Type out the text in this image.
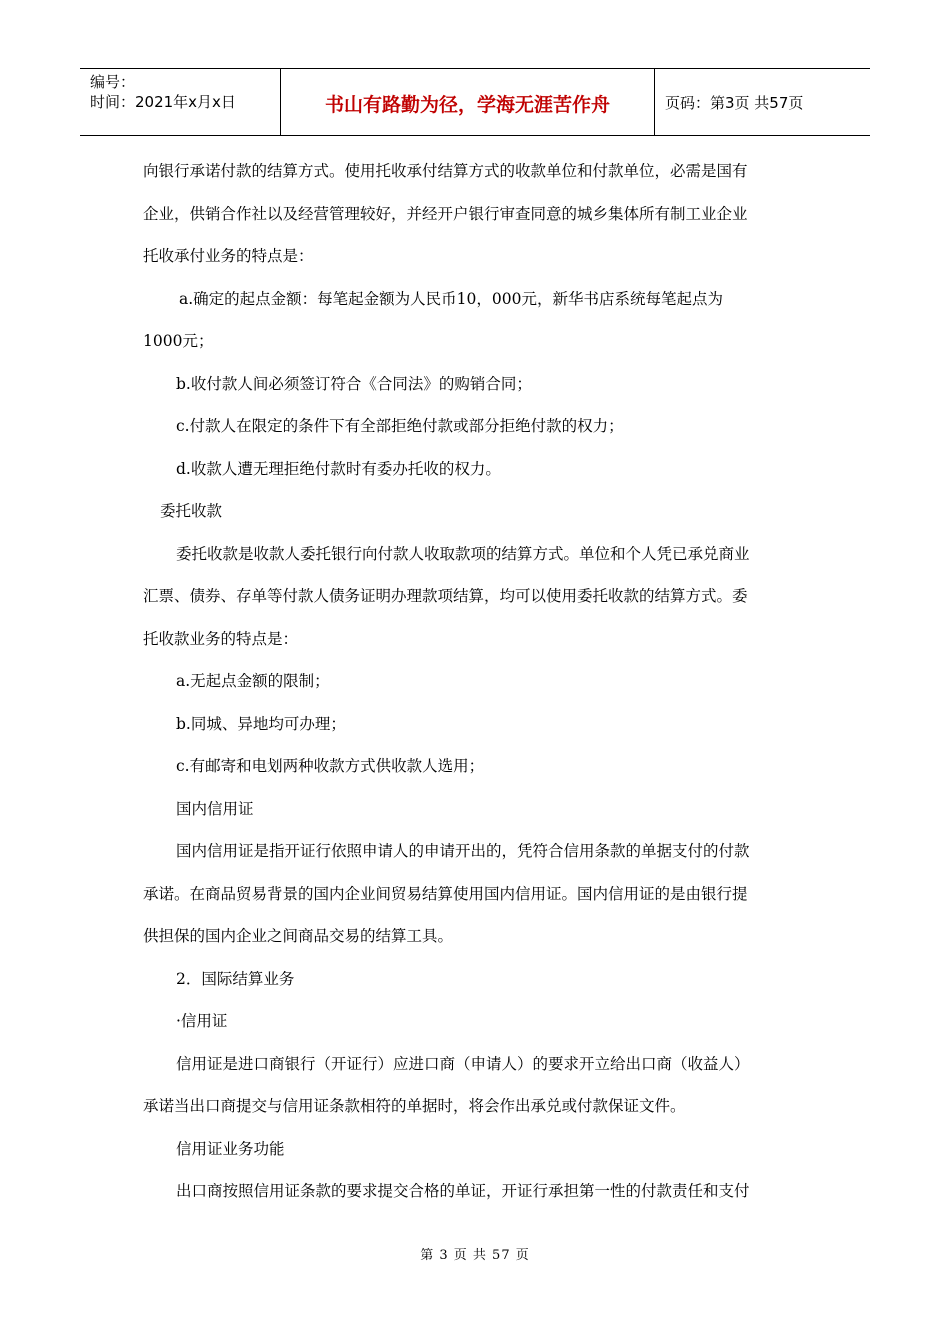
编号：
时间：2021年x月x日	书山有路勤为径，学海无涯苦作舟	页码：第3页 共57页

向银行承诺付款的结算方式。使用托收承付结算方式的收款单位和付款单位，必需是国有

企业，供销合作社以及经营管理较好，并经开户银行审查同意的城乡集体所有制工业企业

托收承付业务的特点是：

a.确定的起点金额：每笔起金额为人民币10，000元，新华书店系统每笔起点为

1000元；

b.收付款人间必须签订符合《合同法》的购销合同；

c.付款人在限定的条件下有全部拒绝付款或部分拒绝付款的权力；

d.收款人遭无理拒绝付款时有委办托收的权力。

委托收款

委托收款是收款人委托银行向付款人收取款项的结算方式。单位和个人凭已承兑商业

汇票、债券、存单等付款人债务证明办理款项结算，均可以使用委托收款的结算方式。委

托收款业务的特点是：

a.无起点金额的限制；

b.同城、异地均可办理；

c.有邮寄和电划两种收款方式供收款人选用；

国内信用证

国内信用证是指开证行依照申请人的申请开出的，凭符合信用条款的单据支付的付款

承诺。在商品贸易背景的国内企业间贸易结算使用国内信用证。国内信用证的是由银行提

供担保的国内企业之间商品交易的结算工具。

2．国际结算业务

·信用证

信用证是进口商银行（开证行）应进口商（申请人）的要求开立给出口商（收益人）

承诺当出口商提交与信用证条款相符的单据时，将会作出承兑或付款保证文件。

信用证业务功能

出口商按照信用证条款的要求提交合格的单证，开证行承担第一性的付款责任和支付

第 3 页 共 57 页
